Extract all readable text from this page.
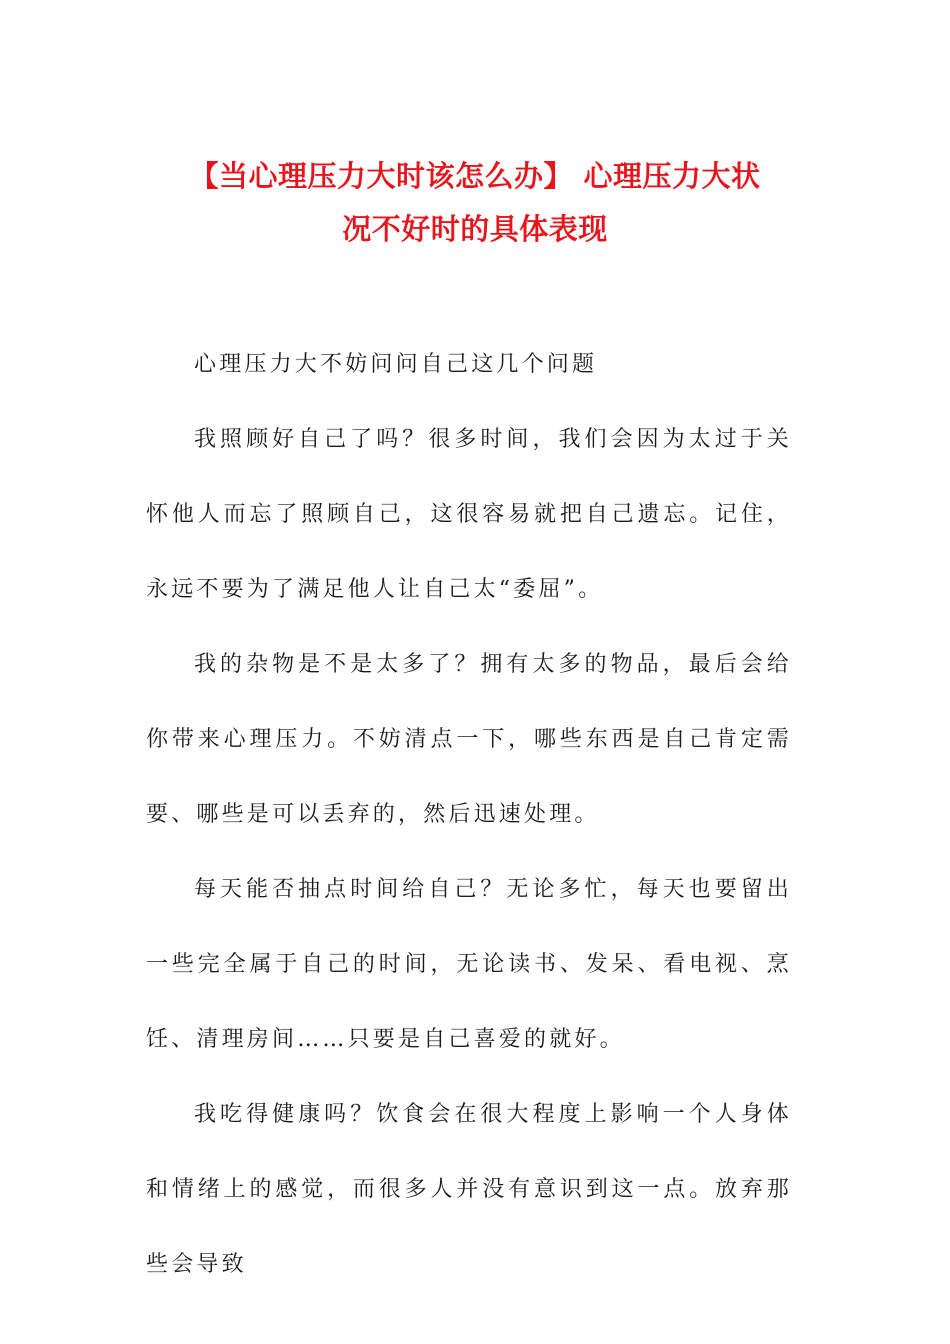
【当心理压力大时该怎么办】 心理压力大状
况不好时的具体表现

心理压力大不妨问问自己这几个问题

我照顾好自己了吗？很多时间，我们会因为太过于关怀他人而忘了照顾自己，这很容易就把自己遗忘。记住，永远不要为了满足他人让自己太“委屈”。

我的杂物是不是太多了？拥有太多的物品，最后会给你带来心理压力。不妨清点一下，哪些东西是自己肯定需要、哪些是可以丢弃的，然后迅速处理。

每天能否抽点时间给自己？无论多忙，每天也要留出一些完全属于自己的时间，无论读书、发呆、看电视、烹饪、清理房间……只要是自己喜爱的就好。

我吃得健康吗？饮食会在很大程度上影响一个人身体和情绪上的感觉，而很多人并没有意识到这一点。放弃那些会导致
